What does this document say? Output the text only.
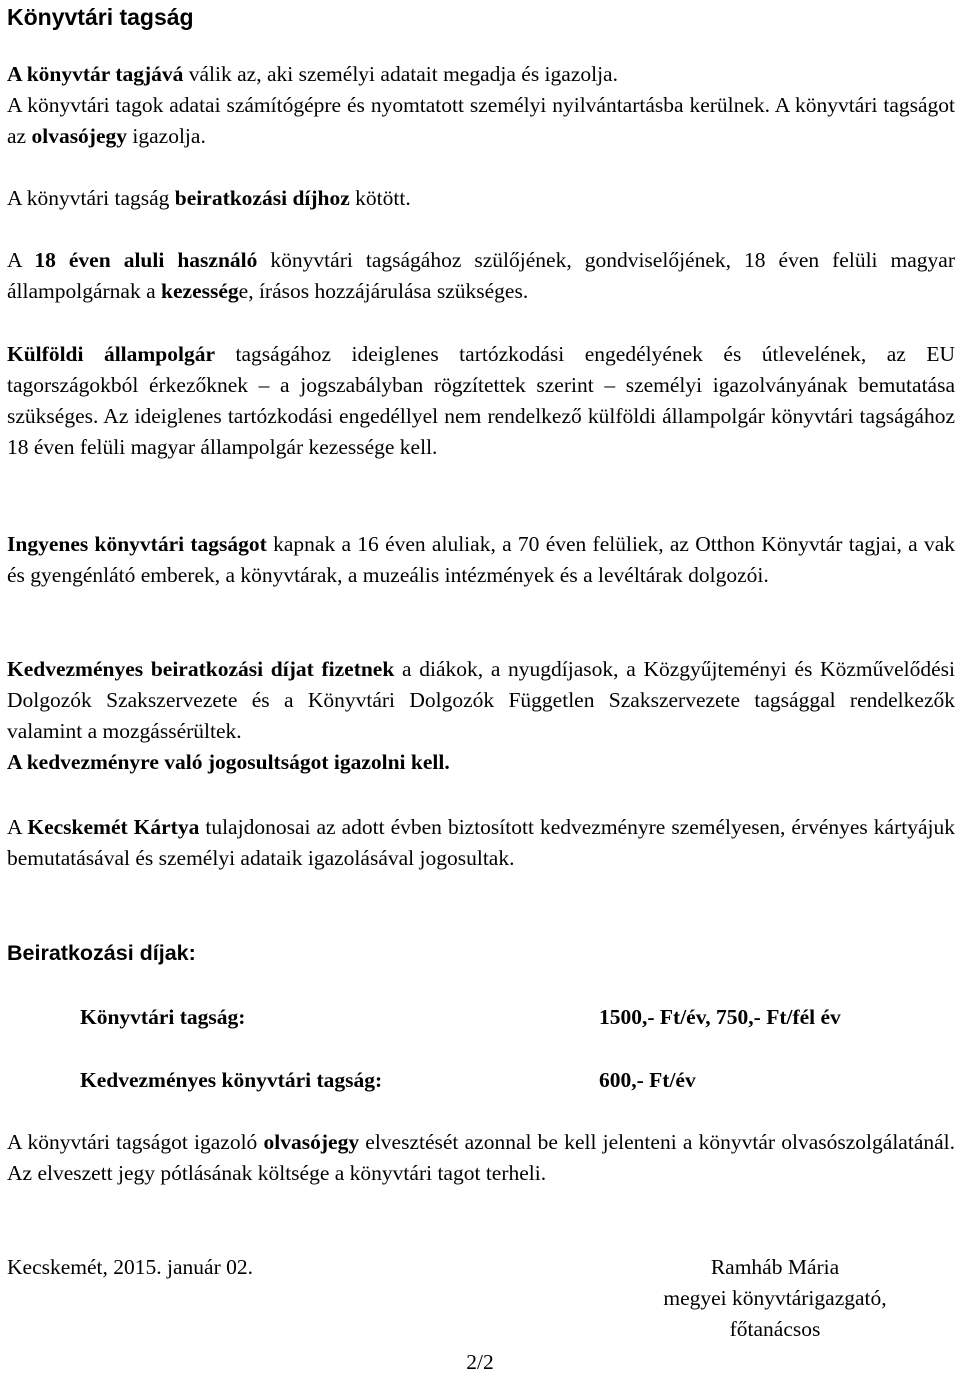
Könyvtári tagság

A könyvtár tagjává válik az, aki személyi adatait megadja és igazolja.
A könyvtári tagok adatai számítógépre és nyomtatott személyi nyilvántartásba kerülnek. A könyvtári tagságot az olvasójegy igazolja.

A könyvtári tagság beiratkozási díjhoz kötött.

A 18 éven aluli használó könyvtári tagságához szülőjének, gondviselőjének, 18 éven felüli magyar állampolgárnak a kezessége, írásos hozzájárulása szükséges.

Külföldi állampolgár tagságához ideiglenes tartózkodási engedélyének és útlevelének, az EU tagországokból érkezőknek – a jogszabályban rögzítettek szerint – személyi igazolványának bemutatása szükséges. Az ideiglenes tartózkodási engedéllyel nem rendelkező külföldi állampolgár könyvtári tagságához 18 éven felüli magyar állampolgár kezessége kell.

Ingyenes könyvtári tagságot kapnak a 16 éven aluliak, a 70 éven felüliek, az Otthon Könyvtár tagjai, a vak és gyengénlátó emberek, a könyvtárak, a muzeális intézmények és a levéltárak dolgozói.

Kedvezményes beiratkozási díjat fizetnek a diákok, a nyugdíjasok, a Közgyűjteményi és Közművelődési Dolgozók Szakszervezete és a Könyvtári Dolgozók Független Szakszervezete tagsággal rendelkezők valamint a mozgássérültek.
A kedvezményre való jogosultságot igazolni kell.

A Kecskemét Kártya tulajdonosai az adott évben biztosított kedvezményre személyesen, érvényes kártyájuk bemutatásával és személyi adataik igazolásával jogosultak.

Beiratkozási díjak:

Könyvtári tagság:	1500,- Ft/év, 750,- Ft/fél év
Kedvezményes könyvtári tagság:	600,- Ft/év

A könyvtári tagságot igazoló olvasójegy elvesztését azonnal be kell jelenteni a könyvtár olvasószolgálatánál. Az elveszett jegy pótlásának költsége a könyvtári tagot terheli.

Kecskemét, 2015. január 02.	Ramháb Mária
megyei könyvtárigazgató,
főtanácsos
2/2
